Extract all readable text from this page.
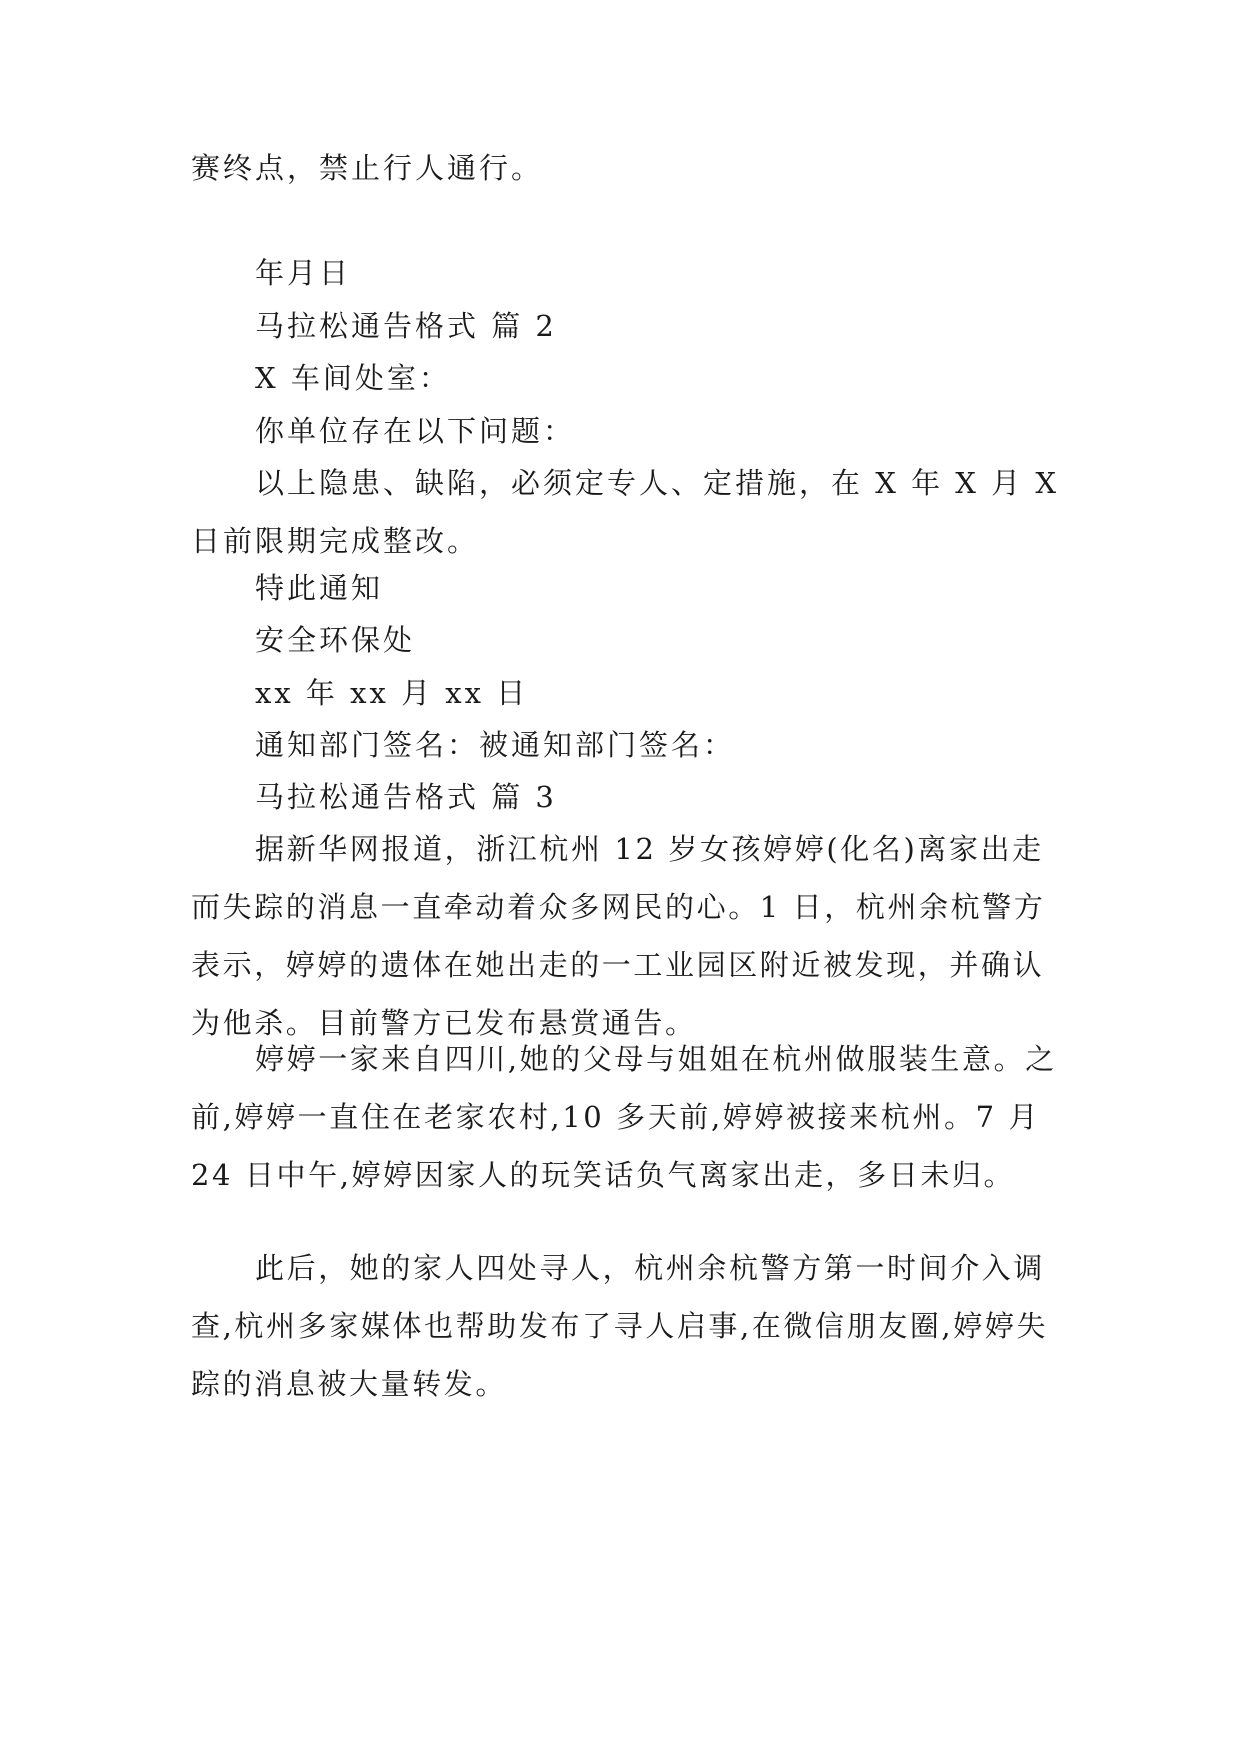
赛终点，禁止行人通行。

年月日

马拉松通告格式 篇 2

X 车间处室：

你单位存在以下问题：

以上隐患、缺陷，必须定专人、定措施，在 X 年 X 月 X 日前限期完成整改。

特此通知

安全环保处

xx 年 xx 月 xx 日

通知部门签名：被通知部门签名：

马拉松通告格式 篇 3

据新华网报道，浙江杭州 12 岁女孩婷婷(化名)离家出走而失踪的消息一直牵动着众多网民的心。1 日，杭州余杭警方表示，婷婷的遗体在她出走的一工业园区附近被发现，并确认为他杀。目前警方已发布悬赏通告。

婷婷一家来自四川,她的父母与姐姐在杭州做服装生意。之前,婷婷一直住在老家农村,10 多天前,婷婷被接来杭州。7 月 24 日中午,婷婷因家人的玩笑话负气离家出走，多日未归。

此后，她的家人四处寻人，杭州余杭警方第一时间介入调查,杭州多家媒体也帮助发布了寻人启事,在微信朋友圈,婷婷失踪的消息被大量转发。
